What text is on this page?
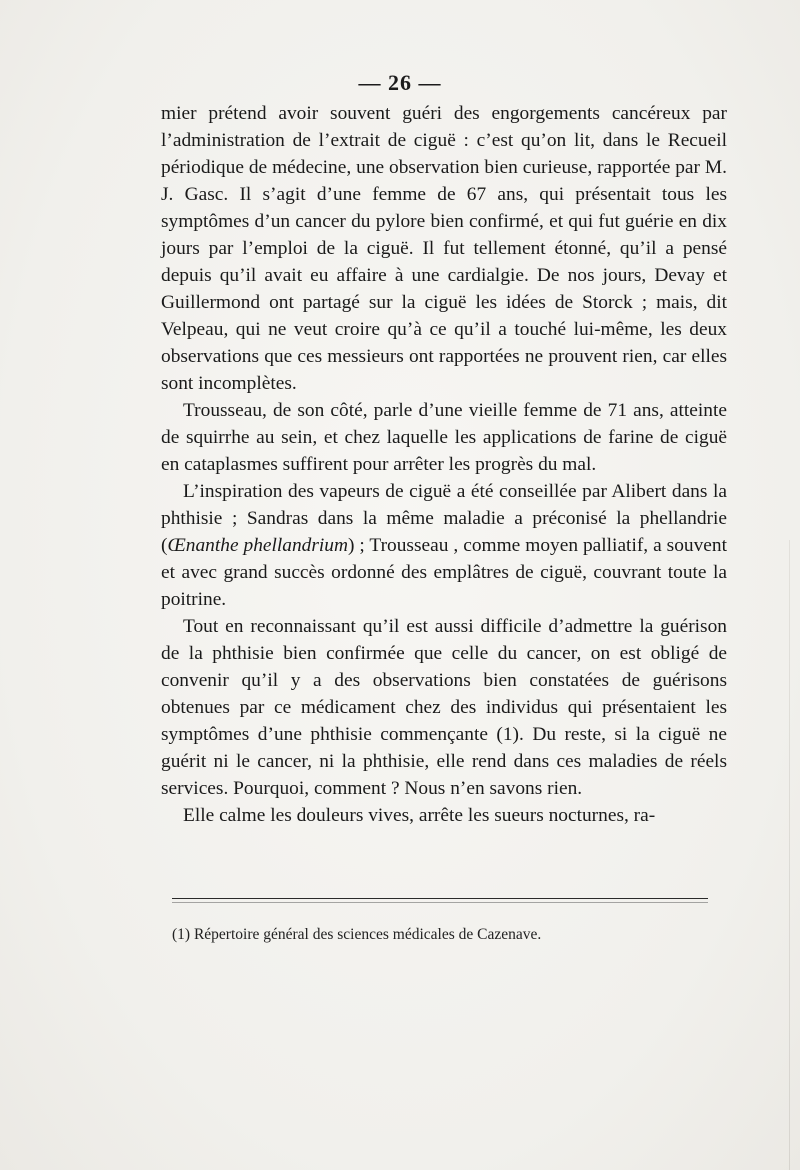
— 26 —

mier prétend avoir souvent guéri des engorgements cancéreux par l’administration de l’extrait de ciguë : c’est qu’on lit, dans le Recueil périodique de médecine, une observation bien curieuse, rapportée par M. J. Gasc. Il s’agit d’une femme de 67 ans, qui présentait tous les symptômes d’un cancer du pylore bien confirmé, et qui fut guérie en dix jours par l’emploi de la ciguë. Il fut tellement étonné, qu’il a pensé depuis qu’il avait eu affaire à une cardialgie. De nos jours, Devay et Guillermond ont partagé sur la ciguë les idées de Storck ; mais, dit Velpeau, qui ne veut croire qu’à ce qu’il a touché lui-même, les deux observations que ces messieurs ont rapportées ne prouvent rien, car elles sont incomplètes.

Trousseau, de son côté, parle d’une vieille femme de 71 ans, atteinte de squirrhe au sein, et chez laquelle les applications de farine de ciguë en cataplasmes suffirent pour arrêter les progrès du mal.

L’inspiration des vapeurs de ciguë a été conseillée par Alibert dans la phthisie ; Sandras dans la même maladie a préconisé la phellandrie (Œnanthe phellandrium) ; Trousseau , comme moyen palliatif, a souvent et avec grand succès ordonné des emplâtres de ciguë, couvrant toute la poitrine.

Tout en reconnaissant qu’il est aussi difficile d’admettre la guérison de la phthisie bien confirmée que celle du cancer, on est obligé de convenir qu’il y a des observations bien constatées de guérisons obtenues par ce médicament chez des individus qui présentaient les symptômes d’une phthisie commençante (1). Du reste, si la ciguë ne guérit ni le cancer, ni la phthisie, elle rend dans ces maladies de réels services. Pourquoi, comment ? Nous n’en savons rien.

Elle calme les douleurs vives, arrête les sueurs nocturnes, ra-

(1) Répertoire général des sciences médicales de Cazenave.
